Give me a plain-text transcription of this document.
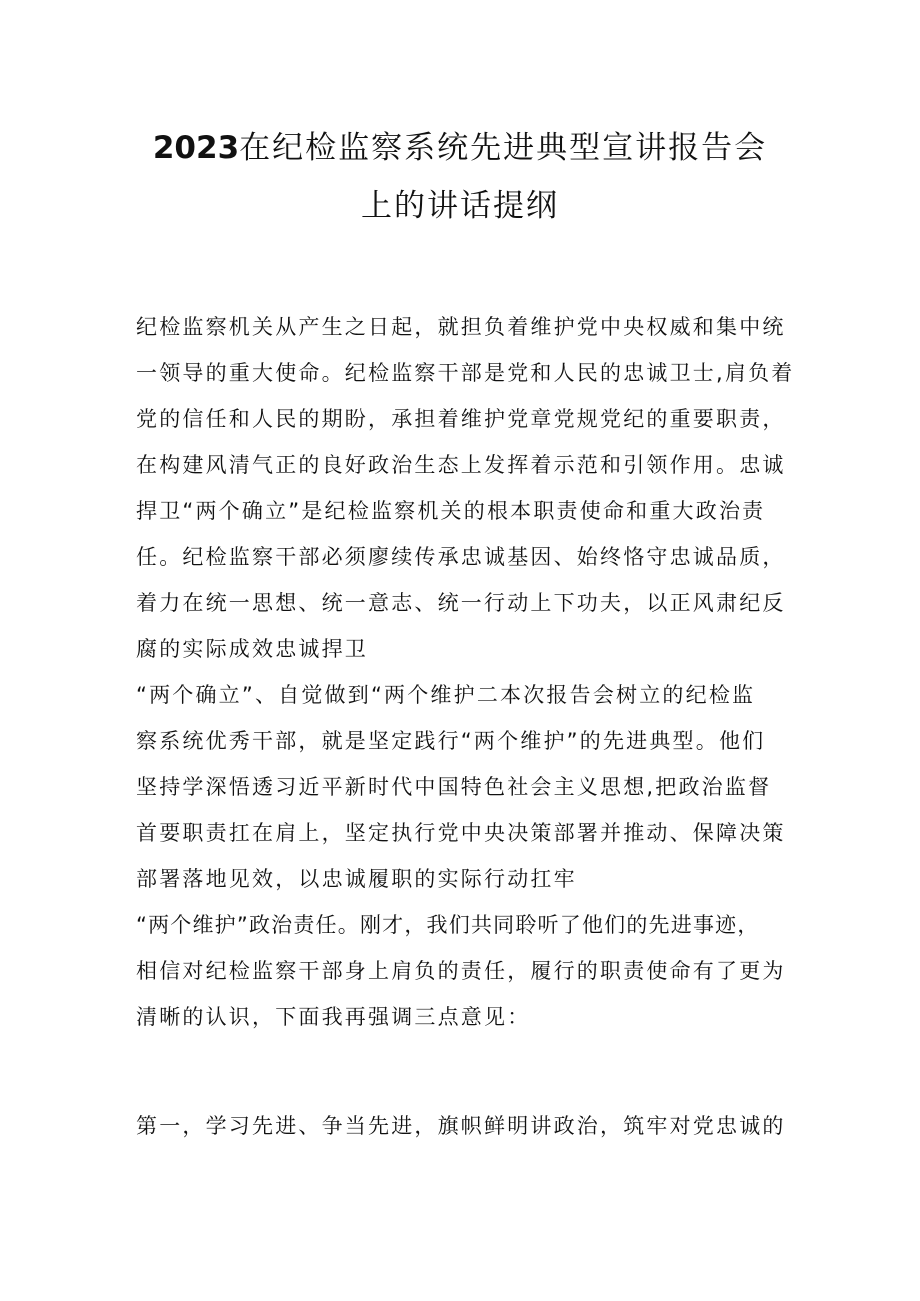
2023在纪检监察系统先进典型宣讲报告会
上的讲话提纲
纪检监察机关从产生之日起，就担负着维护党中央权威和集中统
一领导的重大使命。纪检监察干部是党和人民的忠诚卫士,肩负着
党的信任和人民的期盼，承担着维护党章党规党纪的重要职责，
在构建风清气正的良好政治生态上发挥着示范和引领作用。忠诚
捍卫“两个确立”是纪检监察机关的根本职责使命和重大政治责
任。纪检监察干部必须廖续传承忠诚基因、始终恪守忠诚品质，
着力在统一思想、统一意志、统一行动上下功夫，以正风肃纪反
腐的实际成效忠诚捍卫
“两个确立”、自觉做到“两个维护二本次报告会树立的纪检监
察系统优秀干部，就是坚定践行“两个维护”的先进典型。他们
坚持学深悟透习近平新时代中国特色社会主义思想,把政治监督
首要职责扛在肩上，坚定执行党中央决策部署并推动、保障决策
部署落地见效，以忠诚履职的实际行动扛牢
“两个维护”政治责任。刚才，我们共同聆听了他们的先进事迹，
相信对纪检监察干部身上肩负的责任，履行的职责使命有了更为
清晰的认识，下面我再强调三点意见：
第一，学习先进、争当先进，旗帜鲜明讲政治，筑牢对党忠诚的
